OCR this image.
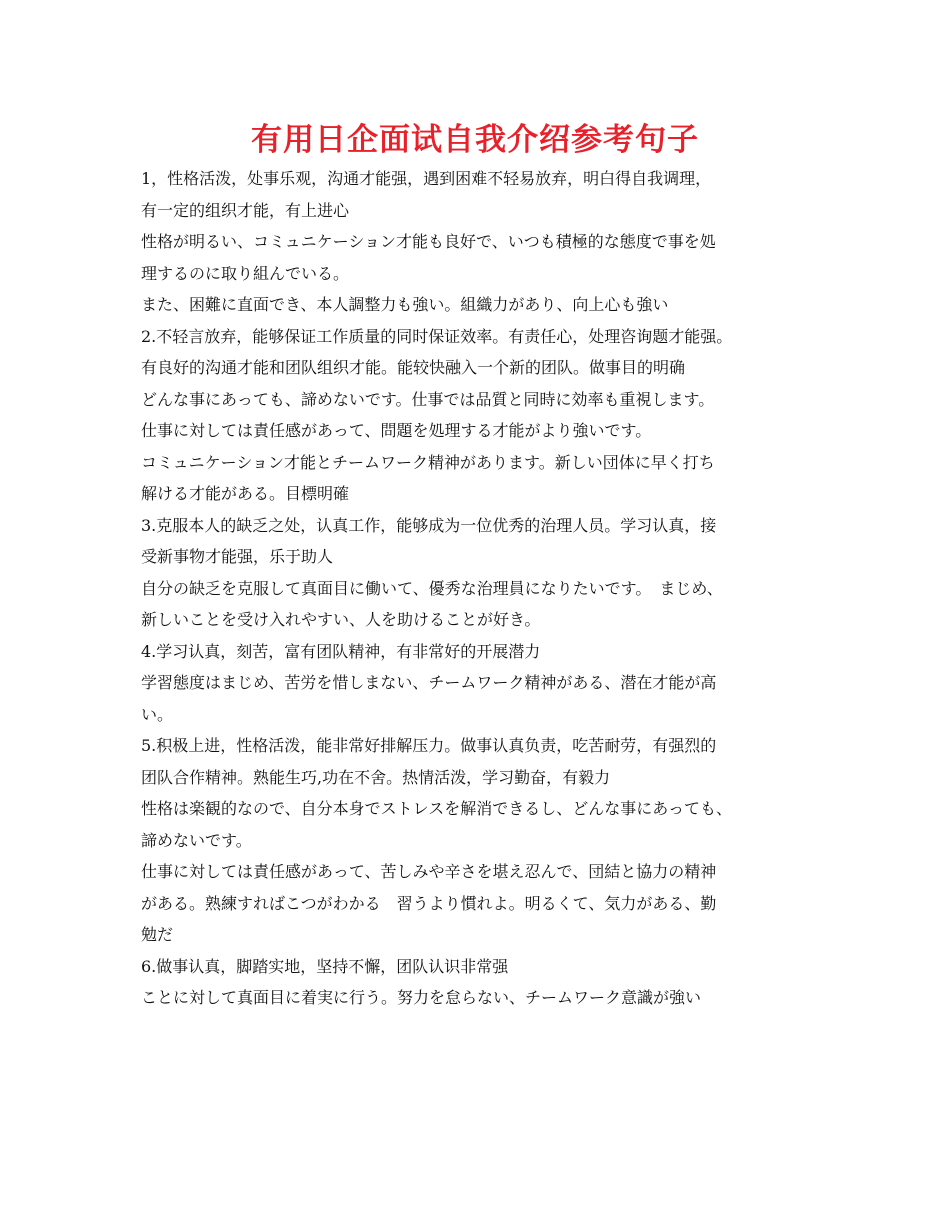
有用日企面试自我介绍参考句子
1，性格活泼，处事乐观，沟通才能强，遇到困难不轻易放弃，明白得自我调理，
有一定的组织才能，有上进心
性格が明るい、コミュニケーション才能も良好で、いつも積極的な態度で事を処
理するのに取り組んでいる。
また、困難に直面でき、本人調整力も強い。組織力があり、向上心も強い
2.不轻言放弃，能够保证工作质量的同时保证效率。有责任心，处理咨询题才能强。
有良好的沟通才能和团队组织才能。能较快融入一个新的团队。做事目的明确
どんな事にあっても、諦めないです。仕事では品質と同時に効率も重視します。
仕事に対しては責任感があって、問題を処理する才能がより強いです。
コミュニケーション才能とチームワーク精神があります。新しい団体に早く打ち
解ける才能がある。目標明確
3.克服本人的缺乏之处，认真工作，能够成为一位优秀的治理人员。学习认真，接
受新事物才能强，乐于助人
自分の缺乏を克服して真面目に働いて、優秀な治理員になりたいです。　まじめ、
新しいことを受け入れやすい、人を助けることが好き。
4.学习认真，刻苦，富有团队精神，有非常好的开展潜力
学習態度はまじめ、苦労を惜しまない、チームワーク精神がある、潜在才能が高
い。
5.积极上进，性格活泼，能非常好排解压力。做事认真负责，吃苦耐劳，有强烈的
团队合作精神。熟能生巧,功在不舍。热情活泼，学习勤奋，有毅力
性格は楽観的なので、自分本身でストレスを解消できるし、どんな事にあっても、
諦めないです。
仕事に対しては責任感があって、苦しみや辛さを堪え忍んで、団結と協力の精神
がある。熟練すればこつがわかる　習うより慣れよ。明るくて、気力がある、勤
勉だ
6.做事认真，脚踏实地，坚持不懈，团队认识非常强
ことに対して真面目に着実に行う。努力を怠らない、チームワーク意識が強い
